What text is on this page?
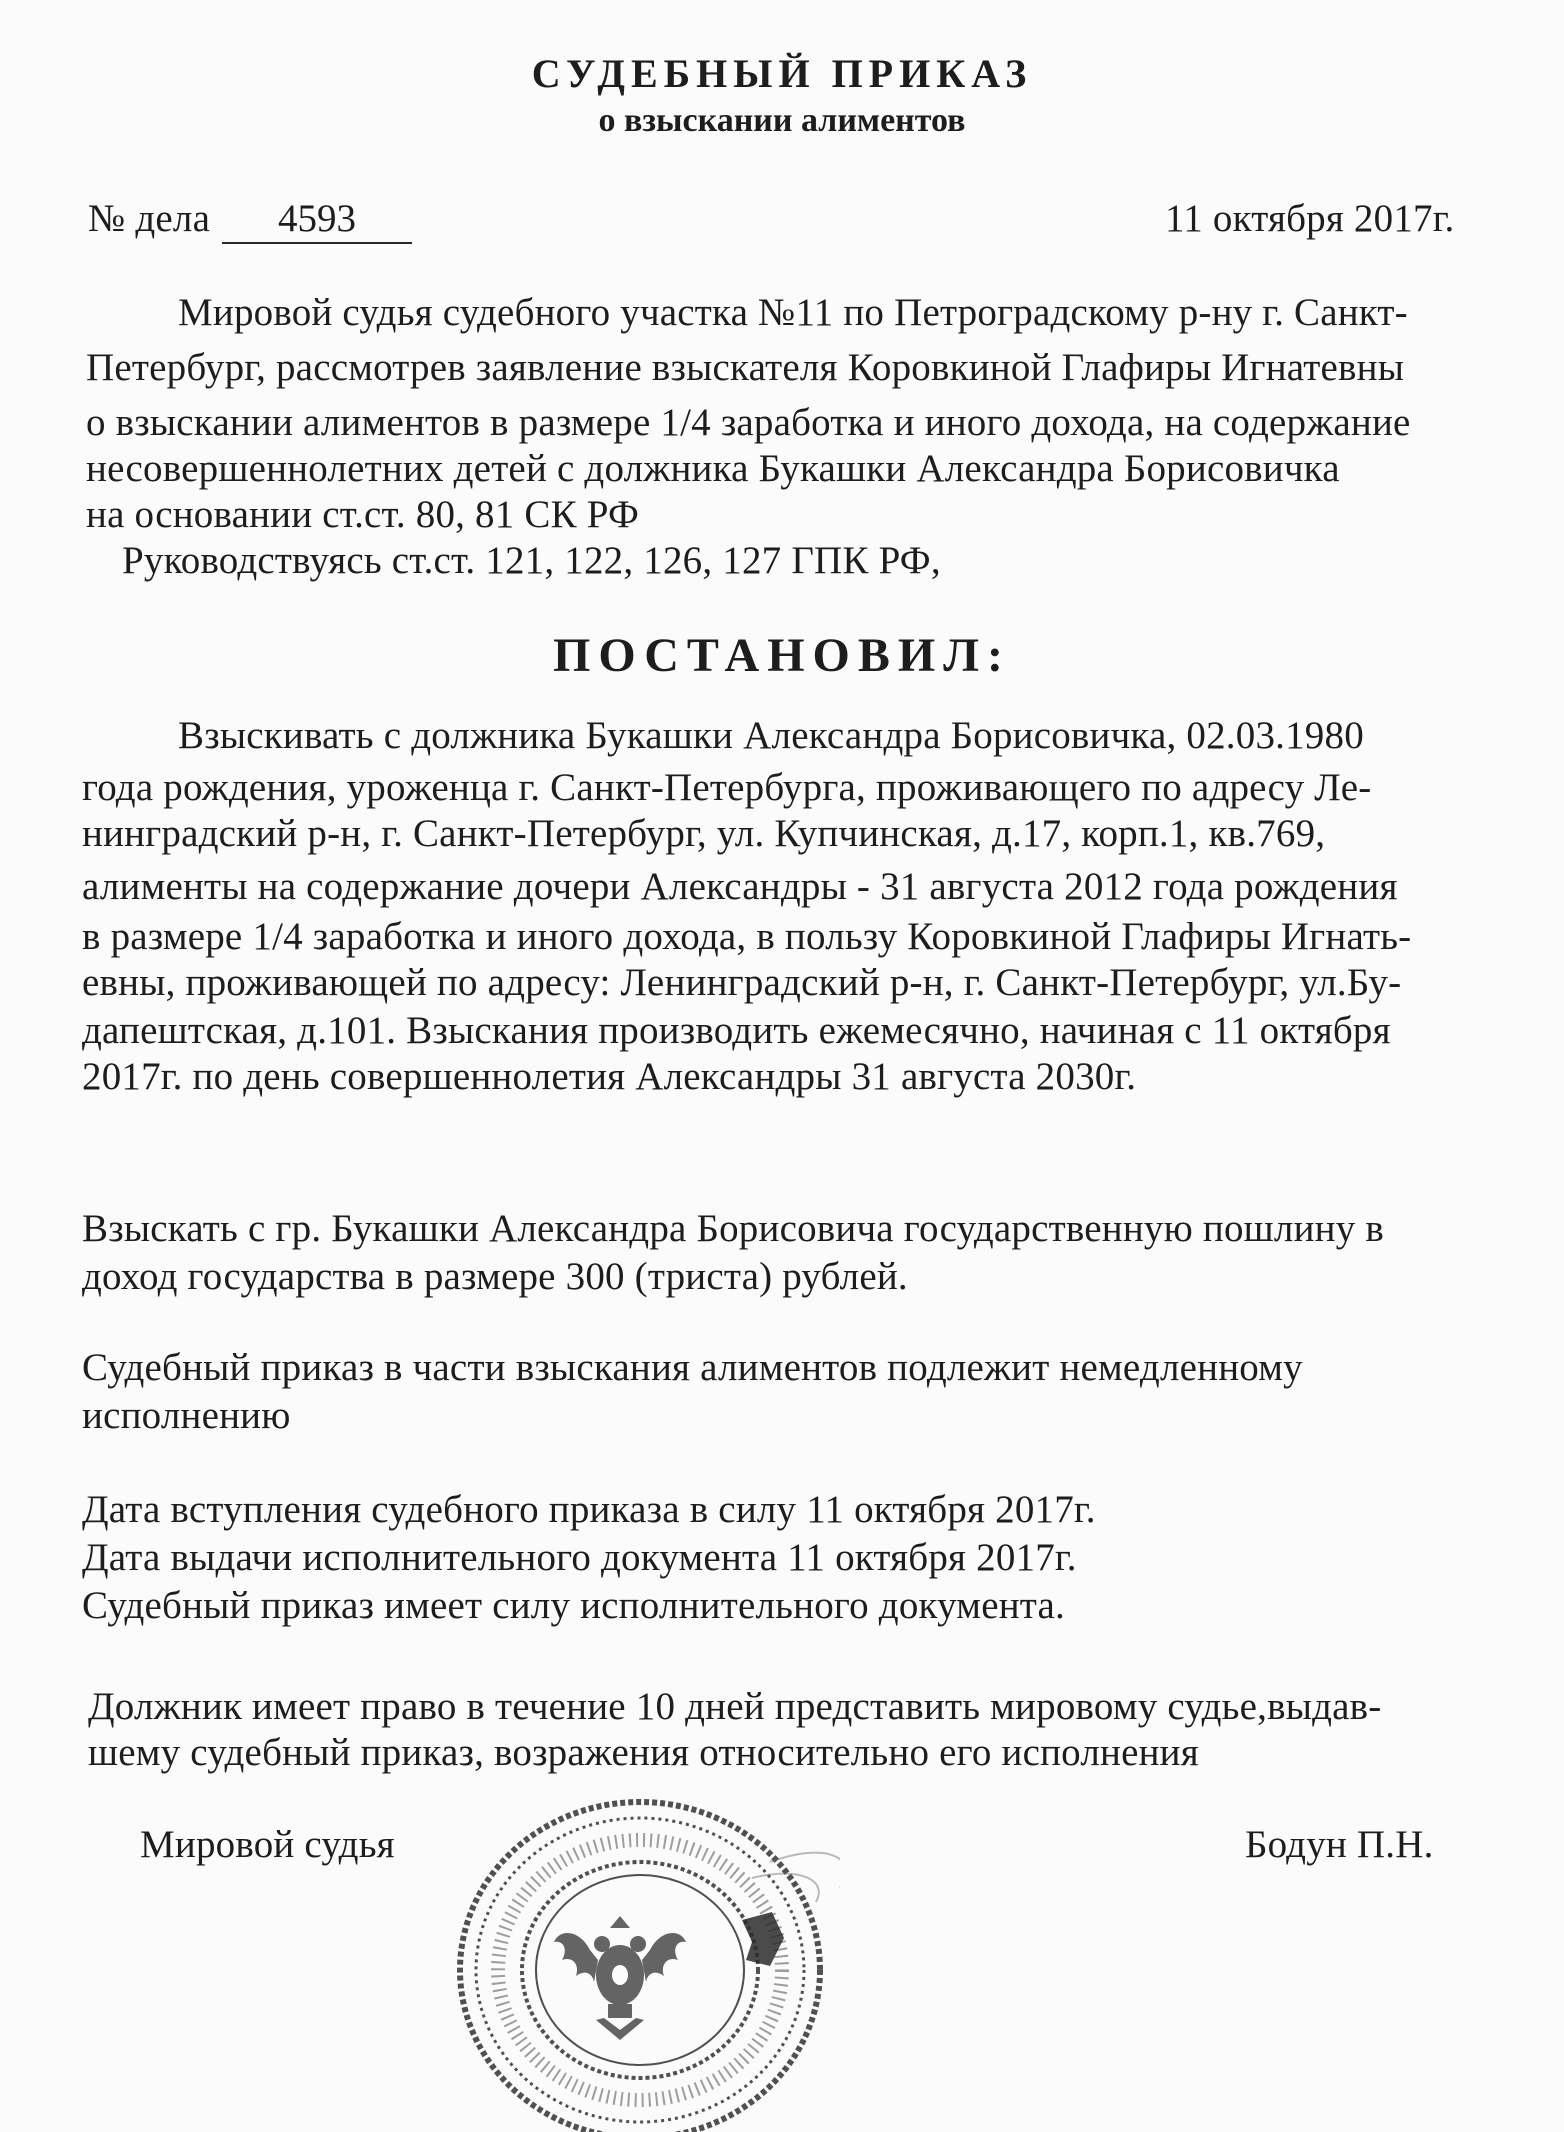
СУДЕБНЫЙ ПРИКАЗ
о взыскании алиментов
№ дела	4593	11 октября 2017г.
Мировой судья судебного участка №11 по Петроградскому р-ну г. Санкт-
Петербург, рассмотрев заявление взыскателя Коровкиной Глафиры Игнатевны
о взыскании алиментов в размере 1/4 заработка и иного дохода, на содержание
несовершеннолетних детей с должника Букашки Александра Борисовичка
на основании ст.ст. 80, 81 СК РФ
Руководствуясь ст.ст. 121, 122, 126, 127 ГПК РФ,
ПОСТАНОВИЛ:
Взыскивать с должника Букашки Александра Борисовичка, 02.03.1980
года рождения, уроженца г. Санкт-Петербурга, проживающего по адресу Ле-
нинградский р-н, г. Санкт-Петербург, ул. Купчинская, д.17, корп.1, кв.769,
алименты на содержание дочери Александры - 31 августа 2012 года рождения
в размере 1/4 заработка и иного дохода, в пользу Коровкиной Глафиры Игнать-
евны, проживающей по адресу: Ленинградский р-н, г. Санкт-Петербург, ул.Бу-
дапештская, д.101. Взыскания производить ежемесячно, начиная с 11 октября
2017г. по день совершеннолетия Александры 31 августа 2030г.
Взыскать с гр. Букашки Александра Борисовича государственную пошлину в
доход государства в размере 300 (триста) рублей.
Судебный приказ в части взыскания алиментов подлежит немедленному
исполнению
Дата вступления судебного приказа в силу 11 октября 2017г.
Дата выдачи исполнительного документа 11 октября 2017г.
Судебный приказ имеет силу исполнительного документа.
Должник имеет право в течение 10 дней представить мировому судье,выдав-
шему судебный приказ, возражения относительно его исполнения
Мировой судья	Бодун П.Н.
